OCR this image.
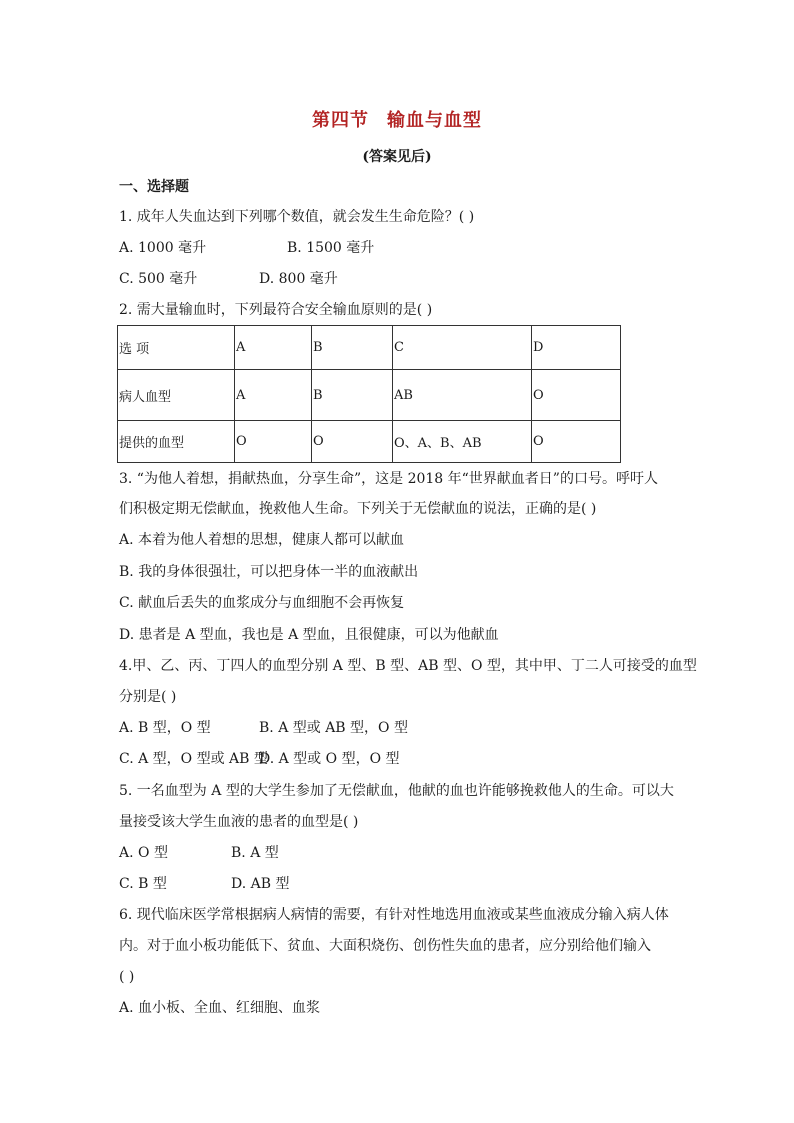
第四节 输血与血型
(答案见后)
一、选择题
1. 成年人失血达到下列哪个数值，就会发生生命危险？( )
A. 1000 毫升	B. 1500 毫升
C. 500 毫升	D. 800 毫升
2. 需大量输血时，下列最符合安全输血原则的是( )
选 项	A	B	C	D
病人血型	A	B	AB	O
提供的血型	O	O	O、A、B、AB	O
3. “为他人着想，捐献热血，分享生命”，这是 2018 年“世界献血者日”的口号。呼吁人
们积极定期无偿献血，挽救他人生命。下列关于无偿献血的说法，正确的是( )
A. 本着为他人着想的思想，健康人都可以献血
B. 我的身体很强壮，可以把身体一半的血液献出
C. 献血后丢失的血浆成分与血细胞不会再恢复
D. 患者是 A 型血，我也是 A 型血，且很健康，可以为他献血
4.甲、乙、丙、丁四人的血型分别 A 型、B 型、AB 型、O 型，其中甲、丁二人可接受的血型
分别是( )
A. B 型，O 型	B. A 型或 AB 型，O 型
C. A 型，O 型或 AB 型
D. A 型或 O 型，O 型
5. 一名血型为 A 型的大学生参加了无偿献血，他献的血也许能够挽救他人的生命。可以大
量接受该大学生血液的患者的血型是( )
A. O 型	B. A 型
C. B 型	D. AB 型
6. 现代临床医学常根据病人病情的需要，有针对性地选用血液或某些血液成分输入病人体
内。对于血小板功能低下、贫血、大面积烧伤、创伤性失血的患者，应分别给他们输入
( )
A. 血小板、全血、红细胞、血浆
